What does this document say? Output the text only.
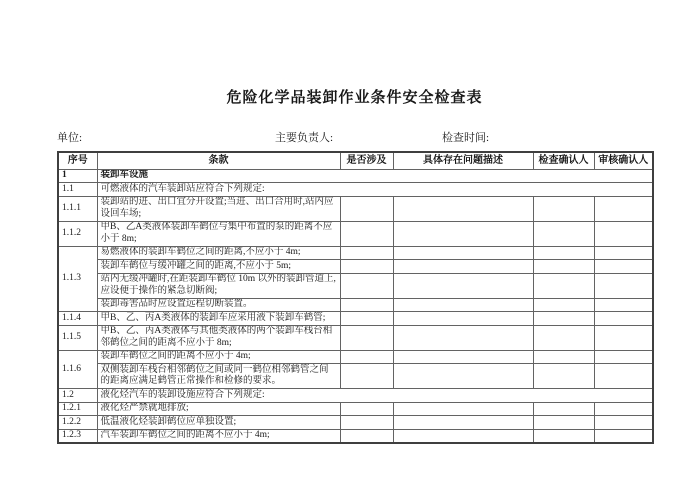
危险化学品装卸作业条件安全检查表
单位:	主要负责人:	检查时间:
序号	条款	是否涉及	具体存在问题描述	检查确认人	审核确认人
1	装卸车设施				
1.1	可燃液体的汽车装卸站应符合下列规定:				
1.1.1	装卸站的进、出口宜分开设置;当进、出口合用时,站内应设回车场;				
1.1.2	甲B、乙A类液体装卸车鹤位与集中布置的泵的距离不应小于 8m;				
1.1.3	易燃液体的装卸车鹤位之间的距离,不应小于 4m;				
	装卸车鹤位与缓冲罐之间的距离,不应小于 5m;				
	站内无缓冲罐时,在距装卸车鹤位 10m 以外的装卸管道上,应设便于操作的紧急切断阀;				
	装卸毒害品时应设置远程切断装置。				
1.1.4	甲B、乙、丙A类液体的装卸车应采用液下装卸车鹤管;				
1.1.5	甲B、乙、丙A类液体与其他类液体的两个装卸车栈台相邻鹤位之间的距离不应小于 8m;				
1.1.6	装卸车鹤位之间的距离不应小于 4m;				
	双侧装卸车栈台相邻鹤位之间或同一鹤位相邻鹤管之间的距离应满足鹤管正常操作和检修的要求。				
1.2	液化烃汽车的装卸设施应符合下列规定:				
1.2.1	液化烃严禁就地排放;				
1.2.2	低温液化烃装卸鹤位应单独设置;				
1.2.3	汽车装卸车鹤位之间的距离不应小于 4m;				
